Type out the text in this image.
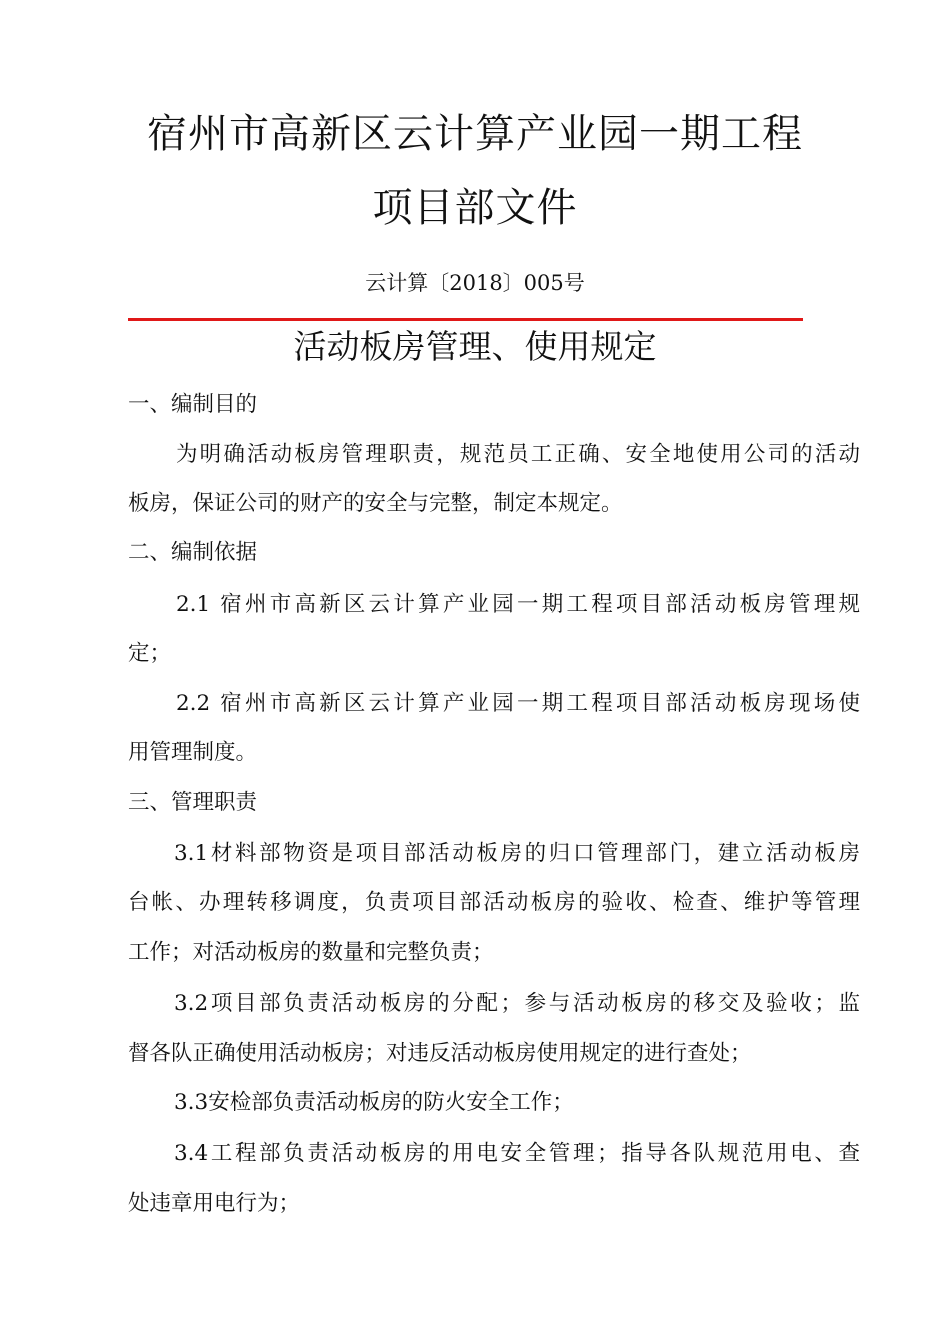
宿州市高新区云计算产业园一期工程
项目部文件
云计算〔2018〕005号
活动板房管理、使用规定
一、编制目的
为明确活动板房管理职责，规范员工正确、安全地使用公司的活动
板房，保证公司的财产的安全与完整，制定本规定。
二、编制依据
2.1 宿州市高新区云计算产业园一期工程项目部活动板房管理规
定；
2.2 宿州市高新区云计算产业园一期工程项目部活动板房现场使
用管理制度。
三、管理职责
3.1材料部物资是项目部活动板房的归口管理部门，建立活动板房
台帐、办理转移调度，负责项目部活动板房的验收、检查、维护等管理
工作；对活动板房的数量和完整负责；
3.2项目部负责活动板房的分配；参与活动板房的移交及验收；监
督各队正确使用活动板房；对违反活动板房使用规定的进行查处；
3.3安检部负责活动板房的防火安全工作；
3.4工程部负责活动板房的用电安全管理；指导各队规范用电、查
处违章用电行为；
